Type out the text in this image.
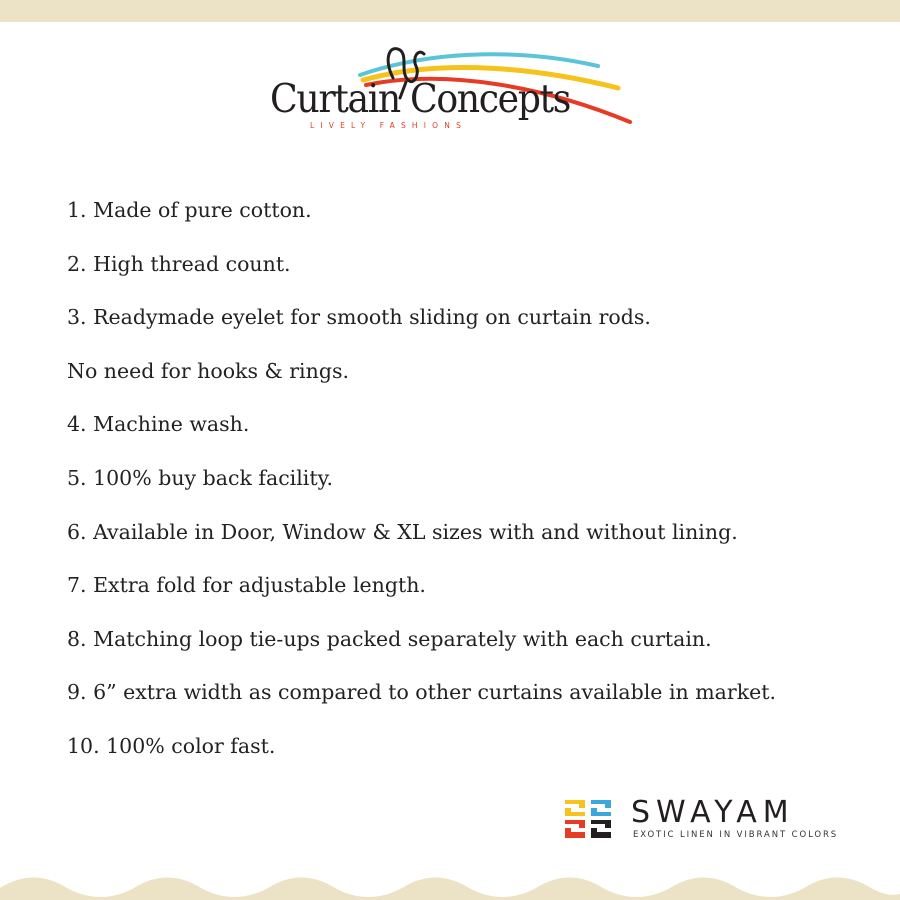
Curtain Concepts
LIVELY FASHIONS
1. Made of pure cotton.
2. High thread count.
3. Readymade eyelet for smooth sliding on curtain rods.
No need for hooks & rings.
4. Machine wash.
5. 100% buy back facility.
6. Available in Door, Window & XL sizes with and without lining.
7. Extra fold for adjustable length.
8. Matching loop tie-ups packed separately with each curtain.
9. 6” extra width as compared to other curtains available in market.
10. 100% color fast.
SWAYAM
EXOTIC LINEN IN VIBRANT COLORS
